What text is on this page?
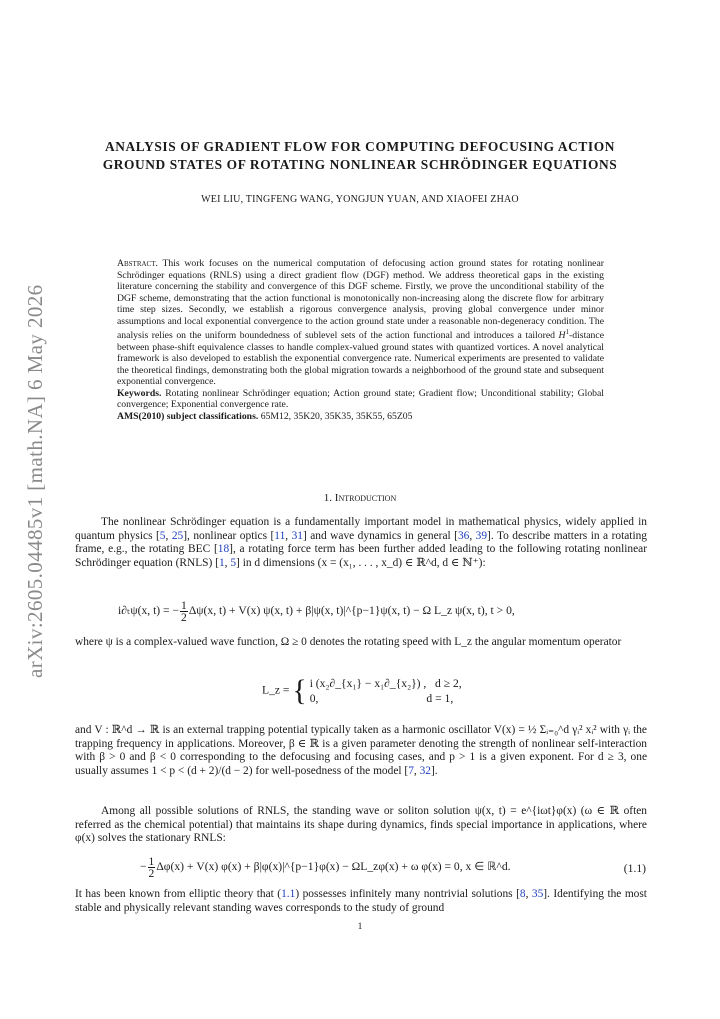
arXiv:2605.04485v1 [math.NA] 6 May 2026
ANALYSIS OF GRADIENT FLOW FOR COMPUTING DEFOCUSING ACTION
GROUND STATES OF ROTATING NONLINEAR SCHRÖDINGER EQUATIONS
WEI LIU, TINGFENG WANG, YONGJUN YUAN, AND XIAOFEI ZHAO
Abstract. This work focuses on the numerical computation of defocusing action ground states for rotating nonlinear Schrödinger equations (RNLS) using a direct gradient flow (DGF) method. We address theoretical gaps in the existing literature concerning the stability and convergence of this DGF scheme. Firstly, we prove the unconditional stability of the DGF scheme, demonstrating that the action functional is monotonically non-increasing along the discrete flow for arbitrary time step sizes. Secondly, we establish a rigorous convergence analysis, proving global convergence under minor assumptions and local exponential convergence to the action ground state under a reasonable non-degeneracy condition. The analysis relies on the uniform boundedness of sublevel sets of the action functional and introduces a tailored $H^1$-distance between phase-shift equivalence classes to handle complex-valued ground states with quantized vortices. A novel analytical framework is also developed to establish the exponential convergence rate. Numerical experiments are presented to validate the theoretical findings, demonstrating both the global migration towards a neighborhood of the ground state and subsequent exponential convergence.
Keywords. Rotating nonlinear Schrödinger equation; Action ground state; Gradient flow; Unconditional stability; Global convergence; Exponential convergence rate.
AMS(2010) subject classifications. 65M12, 35K20, 35K35, 35K55, 65Z05
1. Introduction
The nonlinear Schrödinger equation is a fundamentally important model in mathematical physics, widely applied in quantum physics [5, 25], nonlinear optics [11, 31] and wave dynamics in general [36, 39]. To describe matters in a rotating frame, e.g., the rotating BEC [18], a rotating force term has been further added leading to the following rotating nonlinear Schrödinger equation (RNLS) [1, 5] in d dimensions (x = (x₁, . . . , x_d) ∈ ℝ^d, d ∈ ℕ⁺):
i∂ₜψ(x, t) = − $\frac{1}{2} \Delta\psi(x$, t) + V(x) ψ(x, t) + β|ψ(x, t)|^{p−1}ψ(x, t) − Ω L_z ψ(x, t), t > 0,
where ψ is a complex-valued wave function, Ω ≥ 0 denotes the rotating speed with L_z the angular momentum operator
L_z = { i (x₂∂_{x₁} − x₁∂_{x₂}) , d ≥ 2,
0,	d = 1,
and V : ℝ^d → ℝ is an external trapping potential typically taken as a harmonic oscillator V(x) = ½ Σᵢ₌₀^d γᵢ² xᵢ² with γᵢ the trapping frequency in applications. Moreover, β ∈ ℝ is a given parameter denoting the strength of nonlinear self-interaction with β > 0 and β < 0 corresponding to the defocusing and focusing cases, and p > 1 is a given exponent. For d ≥ 3, one usually assumes 1 < p < (d + 2)/(d − 2) for well-posedness of the model [7, 32].
Among all possible solutions of RNLS, the standing wave or soliton solution ψ(x, t) = e^{iωt}φ(x) (ω ∈ ℝ often referred as the chemical potential) that maintains its shape during dynamics, finds special importance in applications, where φ(x) solves the stationary RNLS:
− $\frac{1}{2} \Delta\varphi(x) + V(x) \varphi(x)$ + β|φ(x)|^{p−1}φ(x) − ΩL_zφ(x) + ω φ(x) = 0, x ∈ ℝ^d.	(1.1)
It has been known from elliptic theory that (1.1) possesses infinitely many nontrivial solutions [8, 35]. Identifying the most stable and physically relevant standing waves corresponds to the study of ground
1
